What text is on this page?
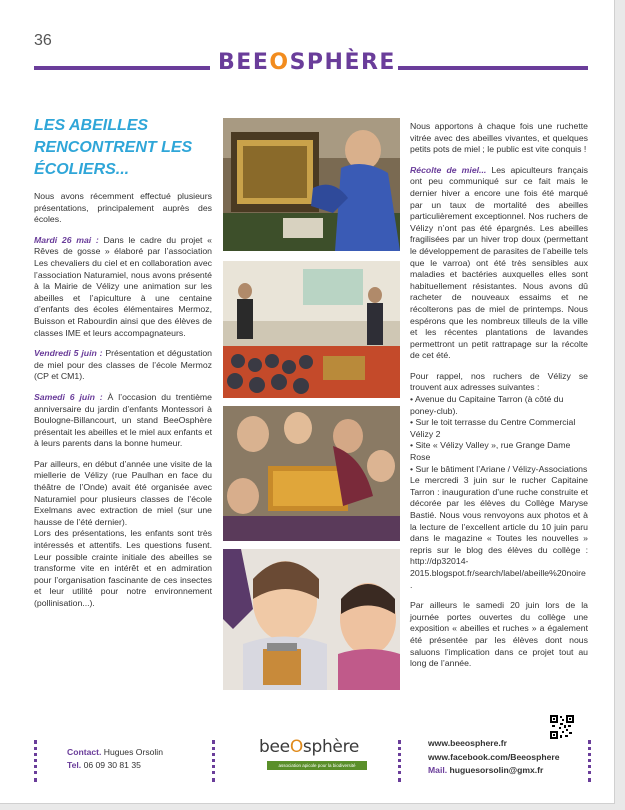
36
BEEOSPHÈRE
LES ABEILLES RENCONTRENT LES ÉCOLIERS...

Nous avons récemment effectué plusieurs présentations, principalement auprès des écoles.

Mardi 26 mai : Dans le cadre du projet « Rêves de gosse » élaboré par l’association Les chevaliers du ciel et en collaboration avec l’association Naturamiel, nous avons présenté à la Mairie de Vélizy une animation sur les abeilles et l’apiculture à une centaine d’enfants des écoles élémentaires Mermoz, Buisson et Rabourdin ainsi que des élèves de classes IME et leurs accompagnateurs.

Vendredi 5 juin : Présentation et dégustation de miel pour des classes de l’école Mermoz (CP et CM1).

Samedi 6 juin : À l’occasion du trentième anniversaire du jardin d’enfants Montessori à Boulogne-Billancourt, un stand BeeOsphère présentait les abeilles et le miel aux enfants et à leurs parents dans la bonne humeur.

Par ailleurs, en début d’année une visite de la miellerie de Vélizy (rue Paulhan en face du théâtre de l’Onde) avait été organisée avec Naturamiel pour plusieurs classes de l’école Exelmans avec extraction de miel (sur une hausse de l’été dernier).

Lors des présentations, les enfants sont très intéressés et attentifs. Les questions fusent. Leur possible crainte initiale des abeilles se transforme vite en intérêt et en admiration pour l’organisation fascinante de ces insectes et leur utilité pour notre environnement (pollinisation...).

Nous apportons à chaque fois une ruchette vitrée avec des abeilles vivantes, et quelques petits pots de miel ; le public est vite conquis !

Récolte de miel... Les apiculteurs français ont peu communiqué sur ce fait mais le dernier hiver a encore une fois été marqué par un taux de mortalité des abeilles particulièrement exceptionnel. Nos ruchers de Vélizy n’ont pas été épargnés. Les abeilles fragilisées par un hiver trop doux (permettant le développement de parasites de l’abeille tels que le varroa) ont été très sensibles aux maladies et bactéries auxquelles elles sont habituellement résistantes. Nous avons dû racheter de nouveaux essaims et ne récolterons pas de miel de printemps. Nous espérons que les nombreux tilleuls de la ville et les récentes plantations de lavandes permettront un petit rattrapage sur la récolte de cet été.

Pour rappel, nos ruchers de Vélizy se trouvent aux adresses suivantes :

• Avenue du Capitaine Tarron (à côté du poney-club).
• Sur le toit terrasse du Centre Commercial Vélizy 2
• Site « Vélizy Valley », rue Grange Dame Rose
• Sur le bâtiment l’Ariane / Vélizy-Associations

Le mercredi 3 juin sur le rucher Capitaine Tarron : inauguration d’une ruche construite et décorée par les élèves du Collège Maryse Bastié. Nous vous renvoyons aux photos et à la lecture de l’excellent article du 10 juin paru dans le magazine « Toutes les nouvelles » repris sur le blog des élèves du collège : http://dp32014-2015.blogspot.fr/search/label/abeille%20noire .

Par ailleurs le samedi 20 juin lors de la journée portes ouvertes du collège une exposition « abeilles et ruches » a également été présentée par les élèves dont nous saluons l’implication dans ce projet tout au long de l’année.

Contact. Hugues Orsolin
Tel. 06 09 30 81 35
beeOsphère
association apicole pour la biodiversité
www.beeosphere.fr
www.facebook.com/Beeosphere
Mail. huguesorsolin@gmx.fr
